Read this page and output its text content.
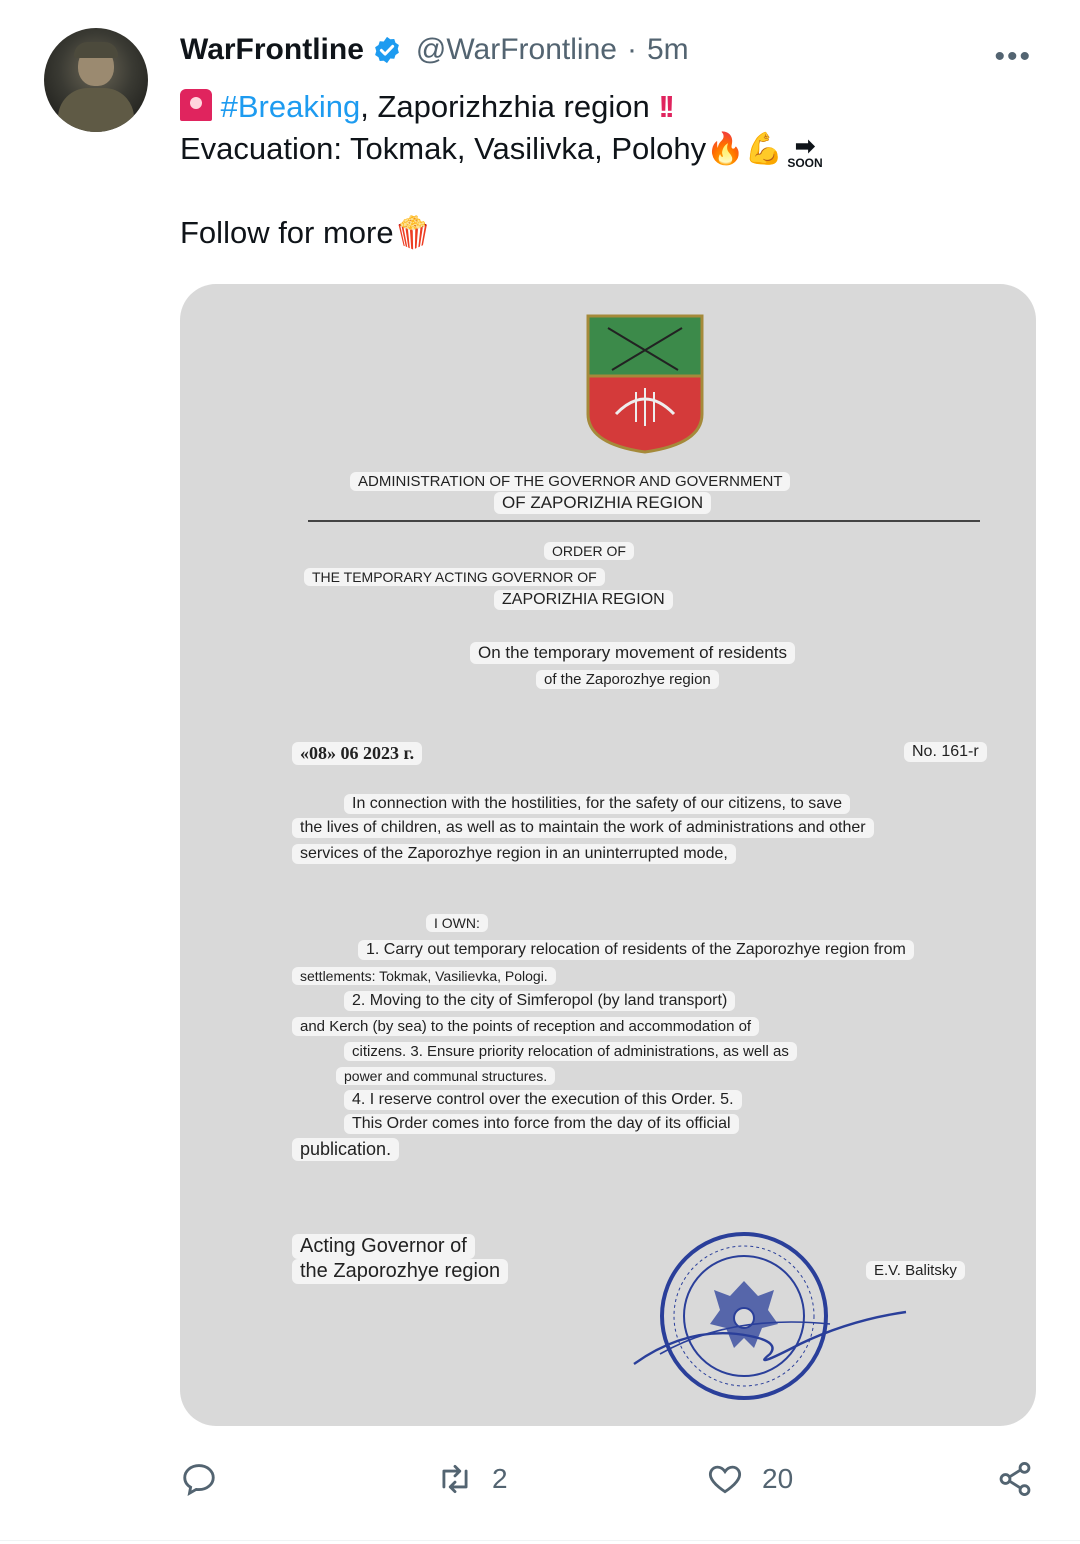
WarFrontline @WarFrontline · 5m	•••
#Breaking, Zaporizhzhia region !!
Evacuation: Tokmak, Vasilivka, Polohy🔥💪 ➡
SOON
Follow for more🍿
ADMINISTRATION OF THE GOVERNOR AND GOVERNMENT
OF ZAPORIZHIA REGION
ORDER OF
THE TEMPORARY ACTING GOVERNOR OF
ZAPORIZHIA REGION
On the temporary movement of residents
of the Zaporozhye region
«08» 06 2023 г.	No. 161-r
In connection with the hostilities, for the safety of our citizens, to save
the lives of children, as well as to maintain the work of administrations and other
services of the Zaporozhye region in an uninterrupted mode,
I OWN:
1. Carry out temporary relocation of residents of the Zaporozhye region from
settlements: Tokmak, Vasilievka, Pologi.
2. Moving to the city of Simferopol (by land transport)
and Kerch (by sea) to the points of reception and accommodation of
citizens. 3. Ensure priority relocation of administrations, as well as
power and communal structures.
4. I reserve control over the execution of this Order. 5.
This Order comes into force from the day of its official
publication.
Acting Governor of
the Zaporozhye region	E.V. Balitsky
2	20
